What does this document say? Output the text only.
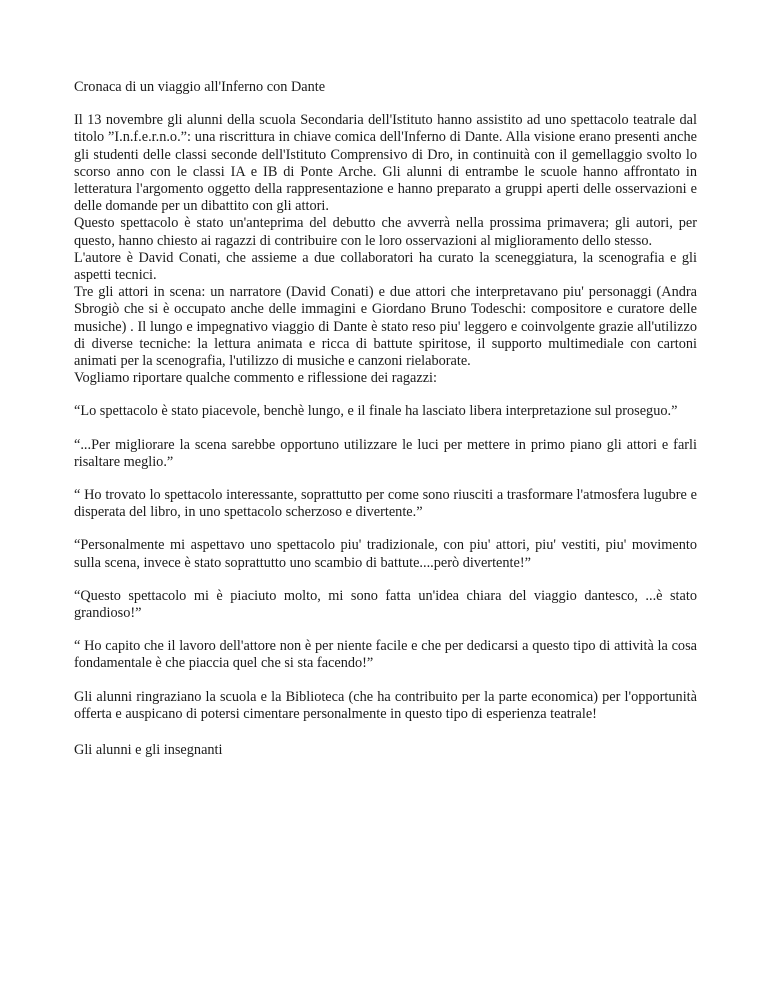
Cronaca di un viaggio all'Inferno con Dante

Il 13 novembre gli alunni della scuola Secondaria dell'Istituto hanno assistito ad uno spettacolo teatrale dal titolo ”I.n.f.e.r.n.o.”: una riscrittura in chiave comica dell'Inferno di Dante. Alla visione erano presenti anche gli studenti delle classi seconde dell'Istituto Comprensivo di Dro, in continuità con il gemellaggio svolto lo scorso anno con le classi IA e IB di Ponte Arche. Gli alunni di entrambe le scuole hanno affrontato in letteratura l'argomento oggetto della rappresentazione e hanno preparato a gruppi aperti delle osservazioni e delle domande per un dibattito con gli attori.

Questo spettacolo è stato un'anteprima del debutto che avverrà nella prossima primavera; gli autori, per questo, hanno chiesto ai ragazzi di contribuire con le loro osservazioni al miglioramento dello stesso.

L'autore è David Conati, che assieme a due collaboratori ha curato la sceneggiatura, la scenografia e gli aspetti tecnici.

Tre gli attori in scena: un narratore (David Conati) e due attori che interpretavano piu' personaggi (Andra Sbrogiò che si è occupato anche delle immagini e Giordano Bruno Todeschi: compositore e curatore delle musiche) . Il lungo e impegnativo viaggio di Dante è stato reso piu' leggero e coinvolgente grazie all'utilizzo di diverse tecniche: la lettura animata e ricca di battute spiritose, il supporto multimediale con cartoni animati per la scenografia, l'utilizzo di musiche e canzoni rielaborate.

Vogliamo riportare qualche commento e riflessione dei ragazzi:

“Lo spettacolo è stato piacevole, benchè lungo, e il finale ha lasciato libera interpretazione sul proseguo.”

“...Per migliorare la scena sarebbe opportuno utilizzare le luci per mettere in primo piano gli attori e farli risaltare meglio.”

“ Ho trovato lo spettacolo interessante, soprattutto per come sono riusciti a trasformare l'atmosfera lugubre e disperata del libro, in uno spettacolo scherzoso e divertente.”

“Personalmente mi aspettavo uno spettacolo piu' tradizionale, con piu' attori, piu' vestiti, piu' movimento sulla scena, invece è stato soprattutto uno scambio di battute....però divertente!”

“Questo spettacolo mi è piaciuto molto, mi sono fatta un'idea chiara del viaggio dantesco, ...è stato grandioso!”

“ Ho capito che il lavoro dell'attore non è per niente facile e che per dedicarsi a questo tipo di attività la cosa fondamentale è che piaccia quel che si sta facendo!”

Gli alunni ringraziano la scuola e la Biblioteca (che ha contribuito per la parte economica) per l'opportunità offerta e auspicano di potersi cimentare personalmente in questo tipo di esperienza teatrale!

Gli alunni e gli insegnanti
